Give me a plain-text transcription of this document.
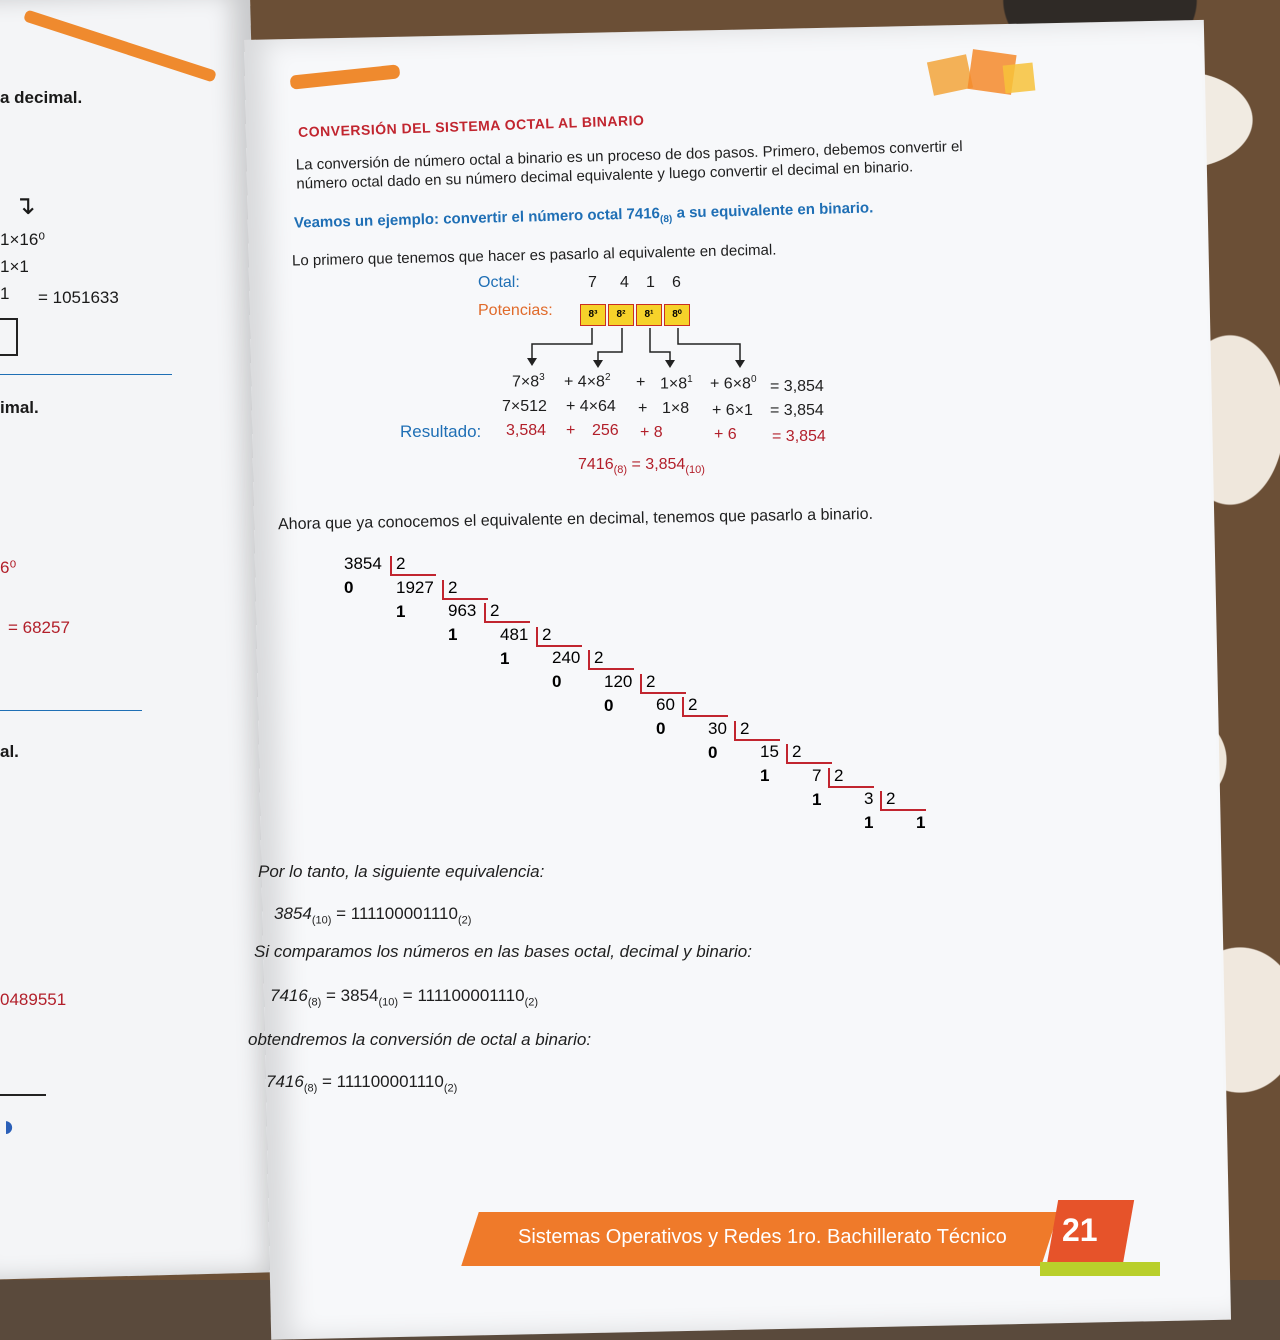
a decimal.
↴
1×16⁰
1×1
1 = 1051633
imal.
6⁰
= 68257
al.
0489551
◗
CONVERSIÓN DEL SISTEMA OCTAL AL BINARIO
La conversión de número octal a binario es un proceso de dos pasos. Primero, debemos convertir el número octal dado en su número decimal equivalente y luego convertir el decimal en binario.
Veamos un ejemplo: convertir el número octal $7416_{(8)}$ a su equivalente en binario.
Lo primero que tenemos que hacer es pasarlo al equivalente en decimal.
Octal:	7 4 1 6
Potencias:	8³	8²	8¹	8⁰
$7\times 8^3 + 4\times 8^2 + 1\times 8^1 + 6\times 8^0 = 3,854$
7×512 + 4×64 + 1×8 + 6×1 = 3,854
Resultado: 3,584 + 256 + 8	+ 6 = 3,854
$7416_{(8)} = 3,854_{(10)}$
Ahora que ya conocemos el equivalente en decimal, tenemos que pasarlo a binario.
3854 2
0	1927 2
1	963 2
1	481 2
1	240 2
0	120 2
0	60 2
0	30 2
0	15 2
1	7 2
1	3 2
1	1
Por lo tanto, la siguiente equivalencia:
$3854_{(10)} = 111100001110_{(2)}$
Si comparamos los números en las bases octal, decimal y binario:
$7416_{(8)} = 3854_{(10)} = 111100001110_{(2)}$
obtendremos la conversión de octal a binario:
$7416_{(8)} = 111100001110_{(2)}$
Sistemas Operativos y Redes 1ro. Bachillerato Técnico 21
